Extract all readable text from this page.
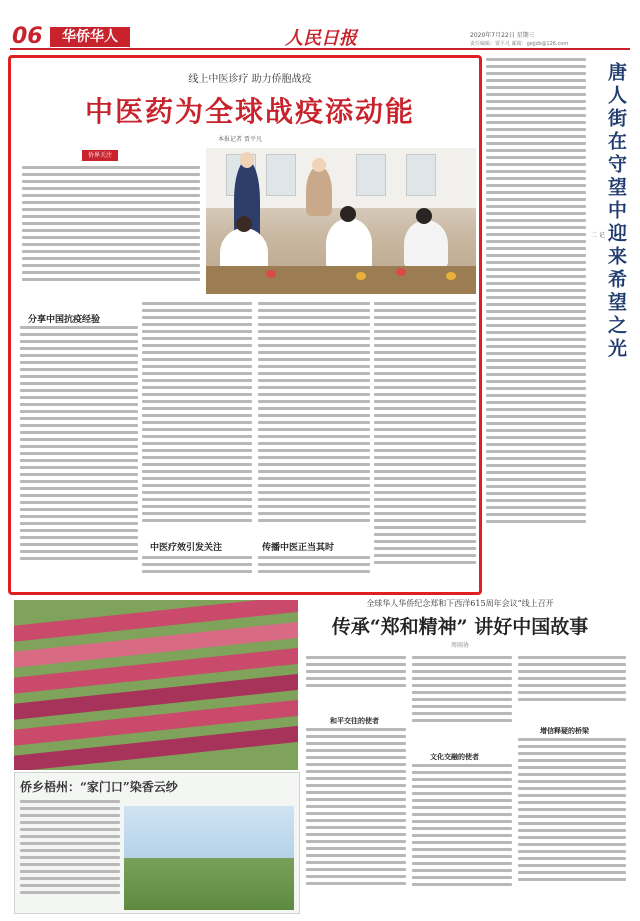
06	华侨华人	人民日报	2020年7月22日 星期三
责任编辑：贾平凡 邮箱：gejjzb@126.com
线上中医诊疗 助力侨胞战疫
中医药为全球战疫添动能
本报记者 贾平凡
侨界关注
分享中国抗疫经验
中医疗效引发关注	传播中医正当其时
唐人街在守望中迎来希望之光
二 记
侨乡梧州：“家门口”染香云纱
全球华人华侨纪念郑和下西洋615周年会议”线上召开
传承“郑和精神” 讲好中国故事
周雨协
和平交往的使者
文化交融的使者
增信释疑的桥梁
